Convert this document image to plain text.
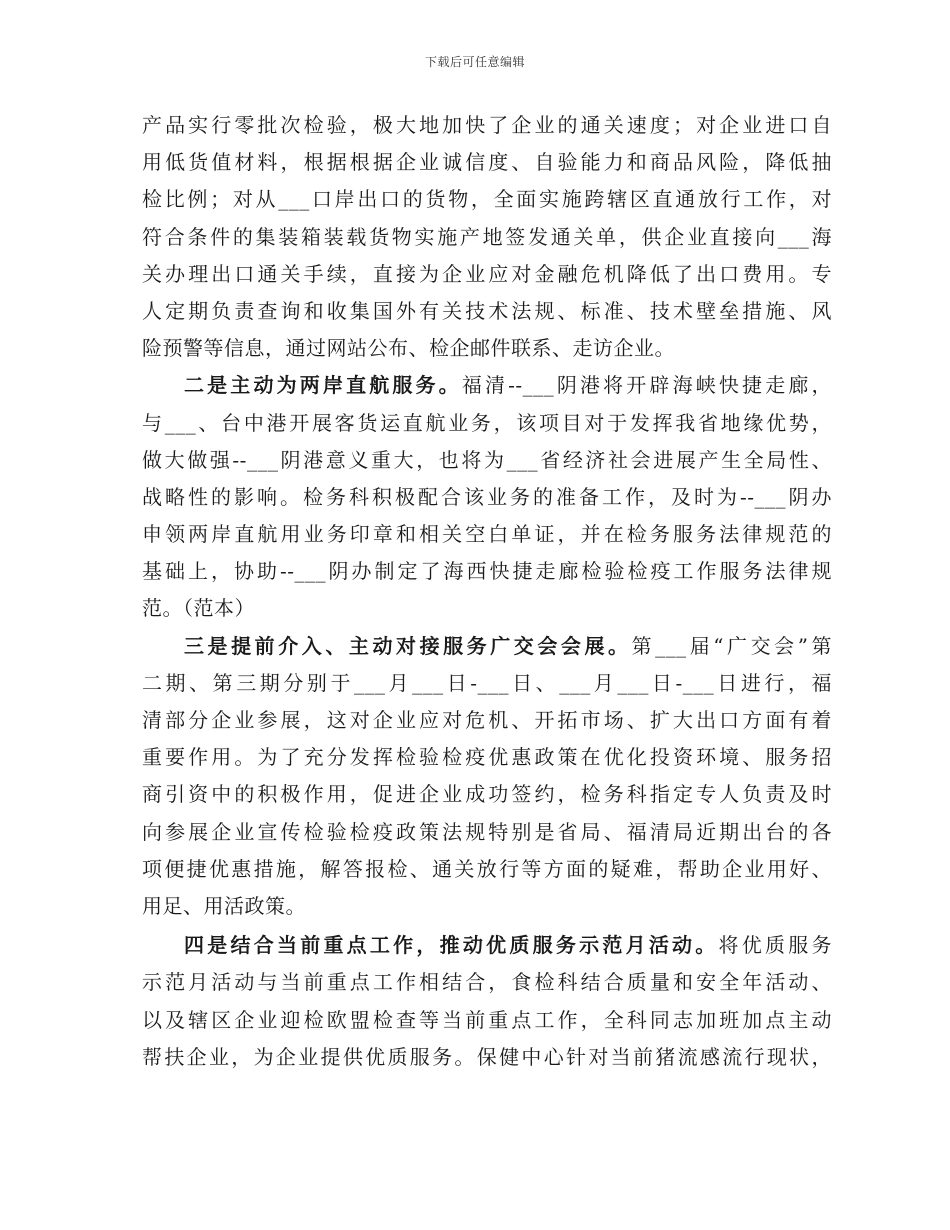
下载后可任意编辑
产品实行零批次检验，极大地加快了企业的通关速度；对企业进口自
用低货值材料，根据根据企业诚信度、自验能力和商品风险，降低抽
检比例；对从___口岸出口的货物，全面实施跨辖区直通放行工作，对
符合条件的集装箱装载货物实施产地签发通关单，供企业直接向___海
关办理出口通关手续，直接为企业应对金融危机降低了出口费用。专
人定期负责查询和收集国外有关技术法规、标准、技术壁垒措施、风
险预警等信息，通过网站公布、检企邮件联系、走访企业。
二是主动为两岸直航服务。福清--___阴港将开辟海峡快捷走廊，
与___、台中港开展客货运直航业务，该项目对于发挥我省地缘优势，
做大做强--___阴港意义重大，也将为___省经济社会进展产生全局性、
战略性的影响。检务科积极配合该业务的准备工作，及时为--___阴办
申领两岸直航用业务印章和相关空白单证，并在检务服务法律规范的
基础上，协助--___阴办制定了海西快捷走廊检验检疫工作服务法律规
范。（范本）
三是提前介入、主动对接服务广交会会展。第___届“广交会”第
二期、第三期分别于___月___日-___日、___月___日-___日进行，福
清部分企业参展，这对企业应对危机、开拓市场、扩大出口方面有着
重要作用。为了充分发挥检验检疫优惠政策在优化投资环境、服务招
商引资中的积极作用，促进企业成功签约，检务科指定专人负责及时
向参展企业宣传检验检疫政策法规特别是省局、福清局近期出台的各
项便捷优惠措施，解答报检、通关放行等方面的疑难，帮助企业用好、
用足、用活政策。
四是结合当前重点工作，推动优质服务示范月活动。将优质服务
示范月活动与当前重点工作相结合，食检科结合质量和安全年活动、
以及辖区企业迎检欧盟检查等当前重点工作，全科同志加班加点主动
帮扶企业，为企业提供优质服务。保健中心针对当前猪流感流行现状，
